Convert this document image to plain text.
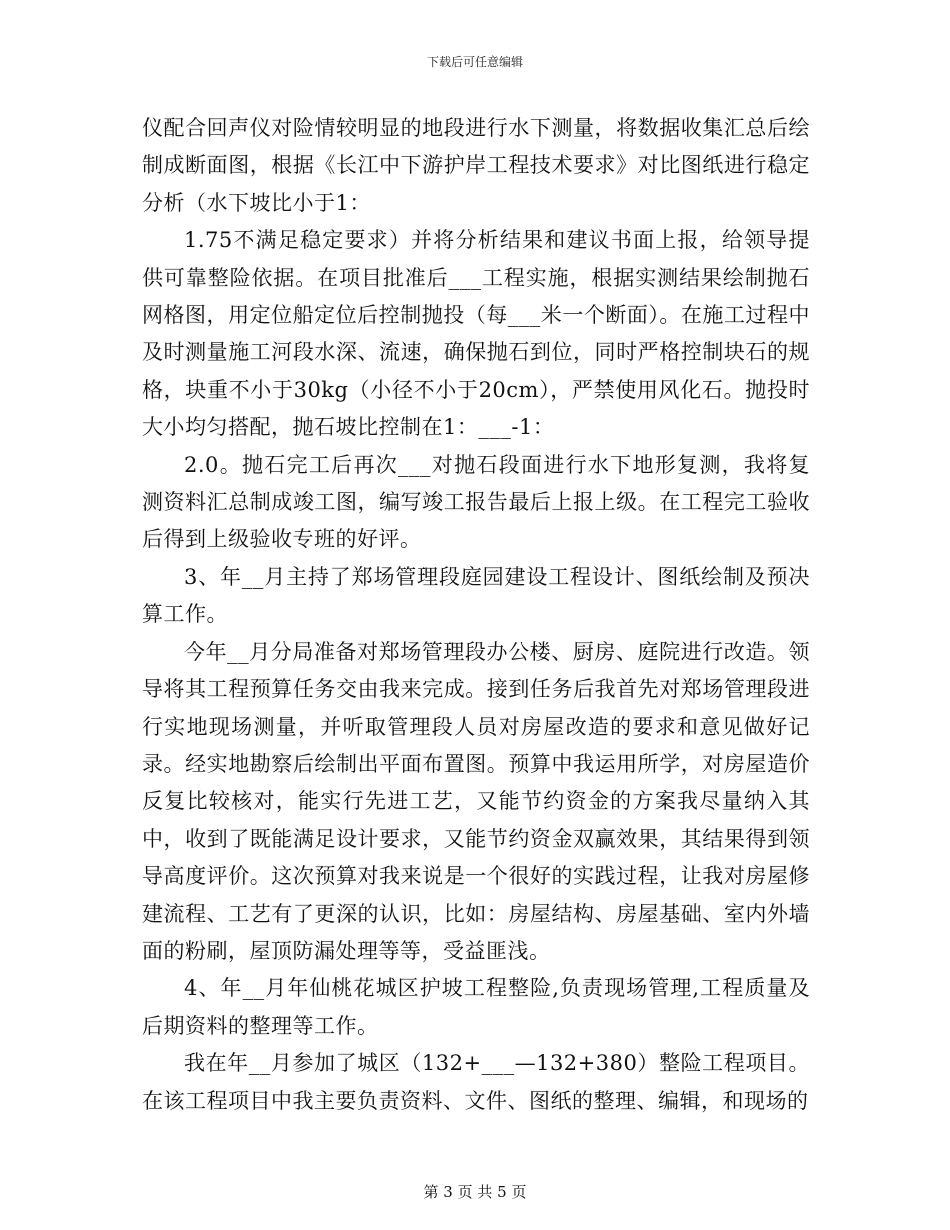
下载后可任意编辑

仪配合回声仪对险情较明显的地段进行水下测量，将数据收集汇总后绘制成断面图，根据《长江中下游护岸工程技术要求》对比图纸进行稳定分析（水下坡比小于1：

1.75不满足稳定要求）并将分析结果和建议书面上报，给领导提供可靠整险依据。在项目批准后___工程实施，根据实测结果绘制抛石网格图，用定位船定位后控制抛投（每___米一个断面）。在施工过程中及时测量施工河段水深、流速，确保抛石到位，同时严格控制块石的规格，块重不小于30kg（小径不小于20cm），严禁使用风化石。抛投时大小均匀搭配，抛石坡比控制在1：___-1：

2.0。抛石完工后再次___对抛石段面进行水下地形复测，我将复测资料汇总制成竣工图，编写竣工报告最后上报上级。在工程完工验收后得到上级验收专班的好评。

3、年__月主持了郑场管理段庭园建设工程设计、图纸绘制及预决算工作。

今年__月分局准备对郑场管理段办公楼、厨房、庭院进行改造。领导将其工程预算任务交由我来完成。接到任务后我首先对郑场管理段进行实地现场测量，并听取管理段人员对房屋改造的要求和意见做好记录。经实地勘察后绘制出平面布置图。预算中我运用所学，对房屋造价反复比较核对，能实行先进工艺，又能节约资金的方案我尽量纳入其中，收到了既能满足设计要求，又能节约资金双赢效果，其结果得到领导高度评价。这次预算对我来说是一个很好的实践过程，让我对房屋修建流程、工艺有了更深的认识，比如：房屋结构、房屋基础、室内外墙面的粉刷，屋顶防漏处理等等，受益匪浅。

4、年__月年仙桃花城区护坡工程整险,负责现场管理,工程质量及后期资料的整理等工作。

我在年__月参加了城区（132+___—132+380）整险工程项目。在该工程项目中我主要负责资料、文件、图纸的整理、编辑，和现场的

第 3 页 共 5 页
